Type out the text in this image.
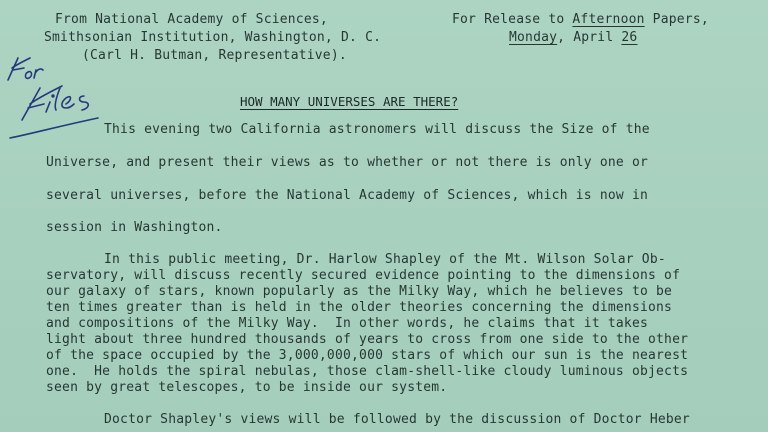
From National Academy of Sciences,
Smithsonian Institution, Washington, D. C.
(Carl H. Butman, Representative).
For Release to Afternoon Papers,
Monday, April 26
HOW MANY UNIVERSES ARE THERE?
This evening two California astronomers will discuss the Size of the
Universe, and present their views as to whether or not there is only one or
several universes, before the National Academy of Sciences, which is now in
session in Washington.
In this public meeting, Dr. Harlow Shapley of the Mt. Wilson Solar Ob-
servatory, will discuss recently secured evidence pointing to the dimensions of
our galaxy of stars, known popularly as the Milky Way, which he believes to be
ten times greater than is held in the older theories concerning the dimensions
and compositions of the Milky Way.  In other words, he claims that it takes
light about three hundred thousands of years to cross from one side to the other
of the space occupied by the 3,000,000,000 stars of which our sun is the nearest
one.  He holds the spiral nebulas, those clam-shell-like cloudy luminous objects
seen by great telescopes, to be inside our system.
Doctor Shapley's views will be followed by the discussion of Doctor Heber
